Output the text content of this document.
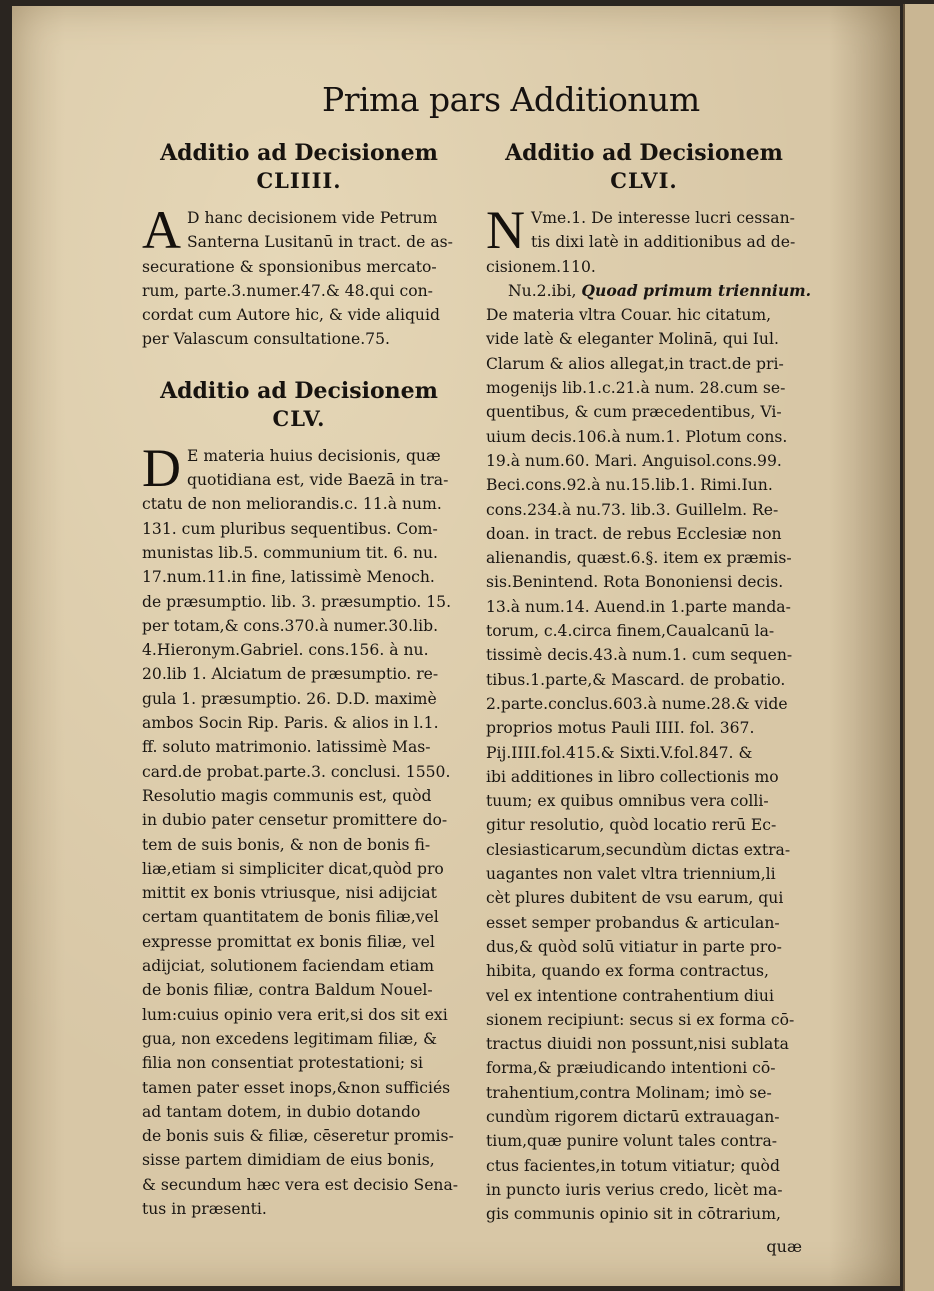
Prima pars Additionum
Additio ad Decisionem
CLIIII.
A D hanc decisionem vide Petrum
Santerna Lusitanū in tract. de as-
securatione & sponsionibus mercato-
rum, parte.3.numer.47.& 48.qui con-
cordat cum Autore hic, & vide aliquid
per Valascum consultatione.75.
Additio ad Decisionem
CLV.
D E materia huius decisionis, quæ
quotidiana est, vide Baezā in tra-
ctatu de non meliorandis.c. 11.à num.
131. cum pluribus sequentibus. Com-
munistas lib.5. communium tit. 6. nu.
17.num.11.in fine, latissimè Menoch.
de præsumptio. lib. 3. præsumptio. 15.
per totam,& cons.370.à numer.30.lib.
4.Hieronym.Gabriel. cons.156. à nu.
20.lib 1. Alciatum de præsumptio. re-
gula 1. præsumptio. 26. D.D. maximè
ambos Socin Rip. Paris. & alios in l.1.
ff. soluto matrimonio. latissimè Mas-
card.de probat.parte.3. conclusi. 1550.
Resolutio magis communis est, quòd
in dubio pater censetur promittere do-
tem de suis bonis, & non de bonis fi-
liæ,etiam si simpliciter dicat,quòd pro
mittit ex bonis vtriusque, nisi adijciat
certam quantitatem de bonis filiæ,vel
expresse promittat ex bonis filiæ, vel
adijciat, solutionem faciendam etiam
de bonis filiæ, contra Baldum Nouel-
lum:cuius opinio vera erit,si dos sit exi
gua, non excedens legitimam filiæ, &
filia non consentiat protestationi; si
tamen pater esset inops,&non sufficiés
ad tantam dotem, in dubio dotando
de bonis suis & filiæ, cēseretur promis-
sisse partem dimidiam de eius bonis,
& secundum hæc vera est decisio Sena-
tus in præsenti.
Additio ad Decisionem
CLVI.
N Vme.1. De interesse lucri cessan-
tis dixi latè in additionibus ad de-
cisionem.110.
Nu.2.ibi, Quoad primum triennium.
De materia vltra Couar. hic citatum,
vide latè & eleganter Molinā, qui Iul.
Clarum & alios allegat,in tract.de pri-
mogenijs lib.1.c.21.à num. 28.cum se-
quentibus, & cum præcedentibus, Vi-
uium decis.106.à num.1. Plotum cons.
19.à num.60. Mari. Anguisol.cons.99.
Beci.cons.92.à nu.15.lib.1. Rimi.Iun.
cons.234.à nu.73. lib.3. Guillelm. Re-
doan. in tract. de rebus Ecclesiæ non
alienandis, quæst.6.§. item ex præmis-
sis.Benintend. Rota Bononiensi decis.
13.à num.14. Auend.in 1.parte manda-
torum, c.4.circa finem,Caualcanū la-
tissimè decis.43.à num.1. cum sequen-
tibus.1.parte,& Mascard. de probatio.
2.parte.conclus.603.à nume.28.& vide
proprios motus Pauli IIII. fol. 367.
Pij.IIII.fol.415.& Sixti.V.fol.847. &
ibi additiones in libro collectionis mo
tuum; ex quibus omnibus vera colli-
gitur resolutio, quòd locatio rerū Ec-
clesiasticarum,secundùm dictas extra-
uagantes non valet vltra triennium,li
cèt plures dubitent de vsu earum, qui
esset semper probandus & articulan-
dus,& quòd solū vitiatur in parte pro-
hibita, quando ex forma contractus,
vel ex intentione contrahentium diui
sionem recipiunt: secus si ex forma cō-
tractus diuidi non possunt,nisi sublata
forma,& præiudicando intentioni cō-
trahentium,contra Molinam; imò se-
cundùm rigorem dictarū extrauagan-
tium,quæ punire volunt tales contra-
ctus facientes,in totum vitiatur; quòd
in puncto iuris verius credo, licèt ma-
gis communis opinio sit in cōtrarium,
quæ
